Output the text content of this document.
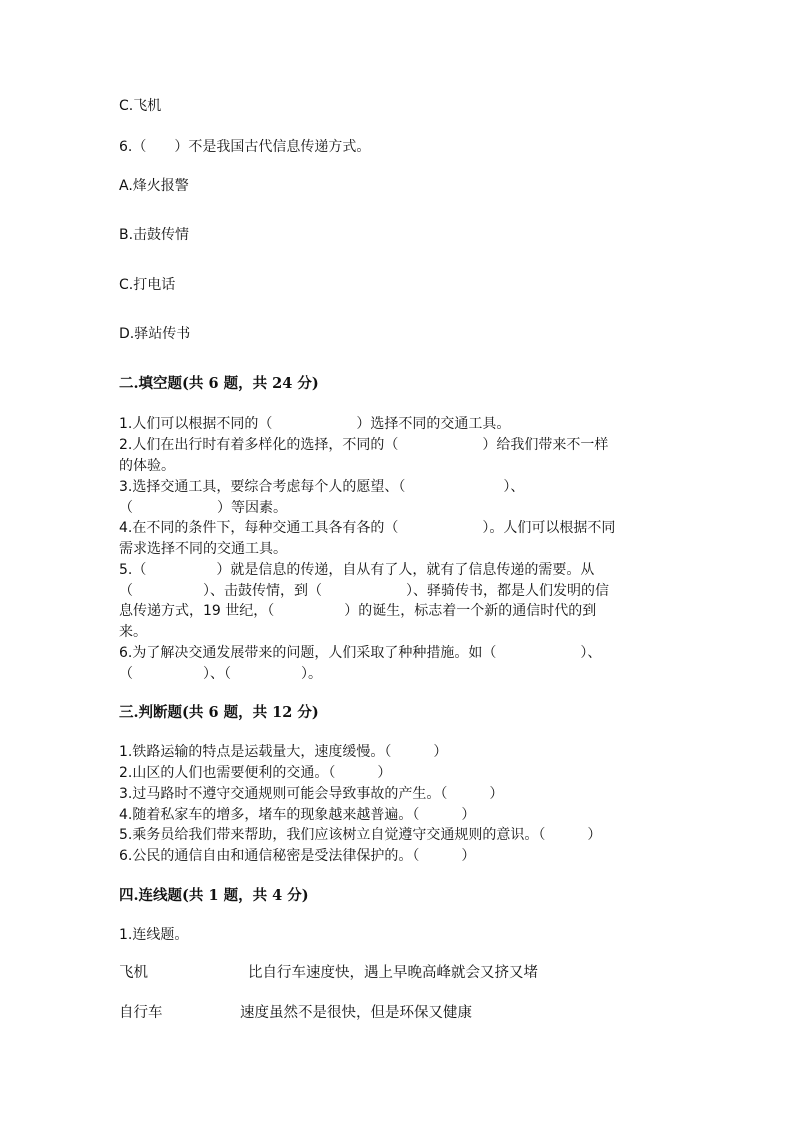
C.飞机
6.（　　）不是我国古代信息传递方式。
A.烽火报警
B.击鼓传情
C.打电话
D.驿站传书
二.填空题(共 6 题，共 24 分)
1.人们可以根据不同的（　　　　　　）选择不同的交通工具。
2.人们在出行时有着多样化的选择，不同的（　　　　　　）给我们带来不一样
的体验。
3.选择交通工具，要综合考虑每个人的愿望、（　　　　　　　）、
（　　　　　　）等因素。
4.在不同的条件下，每种交通工具各有各的（　　　　　　）。人们可以根据不同
需求选择不同的交通工具。
5.（　　　　　）就是信息的传递，自从有了人，就有了信息传递的需要。从
（　　　　　）、击鼓传情，到（　　　　　　）、驿骑传书，都是人们发明的信
息传递方式，19 世纪，（　　　　　）的诞生，标志着一个新的通信时代的到
来。
6.为了解决交通发展带来的问题，人们采取了种种措施。如（　　　　　　）、
（　　　　　）、（　　　　　）。
三.判断题(共 6 题，共 12 分)
1.铁路运输的特点是运载量大，速度缓慢。（　　　）
2.山区的人们也需要便利的交通。（　　　）
3.过马路时不遵守交通规则可能会导致事故的产生。（　　　）
4.随着私家车的增多，堵车的现象越来越普遍。（　　　）
5.乘务员给我们带来帮助，我们应该树立自觉遵守交通规则的意识。（　　　）
6.公民的通信自由和通信秘密是受法律保护的。（　　　）
四.连线题(共 1 题，共 4 分)
1.连线题。
飞机	比自行车速度快，遇上早晚高峰就会又挤又堵
自行车	速度虽然不是很快，但是环保又健康
